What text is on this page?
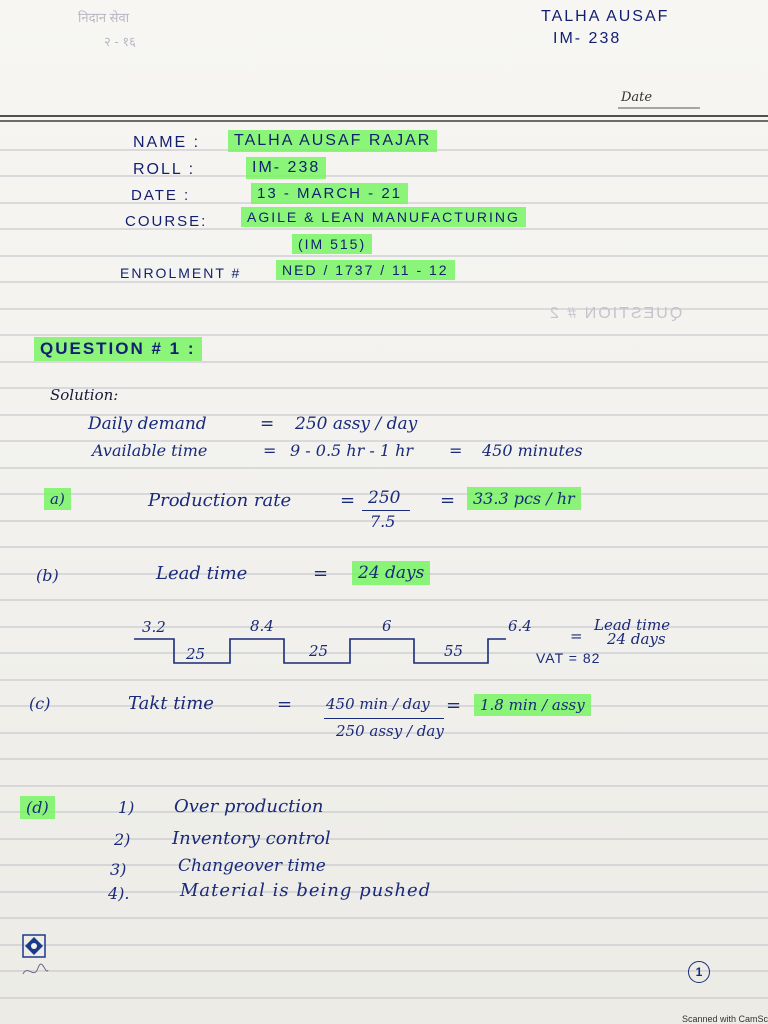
निदान सेवा
२ - १६
TALHA AUSAF
IM- 238
Date
NAME :	TALHA AUSAF RAJAR
ROLL :	IM- 238
DATE :	13 - MARCH - 21
COURSE:	AGILE & LEAN MANUFACTURING
(IM 515)
ENROLMENT #	NED / 1737 / 11 - 12
QUESTION # 2
QUESTION # 1 :
Solution:
Daily demand	= 250 assy / day
Available time	= 9 - 0.5 hr - 1 hr = 450 minutes
a)	Production rate	= 250
7.5
=	33.3 pcs / hr
(b)	Lead time	=	24 days
3.2	8.4	6	6.4
25	25	55
=
Lead time
24 days
VAT = 82
(c)	Takt time	= 450 min / day
250 assy / day
=	1.8 min / assy
(d)	1) Over production
2) Inventory control
3)	Changeover time
4).	Material is being pushed
1
Scanned with CamSc
